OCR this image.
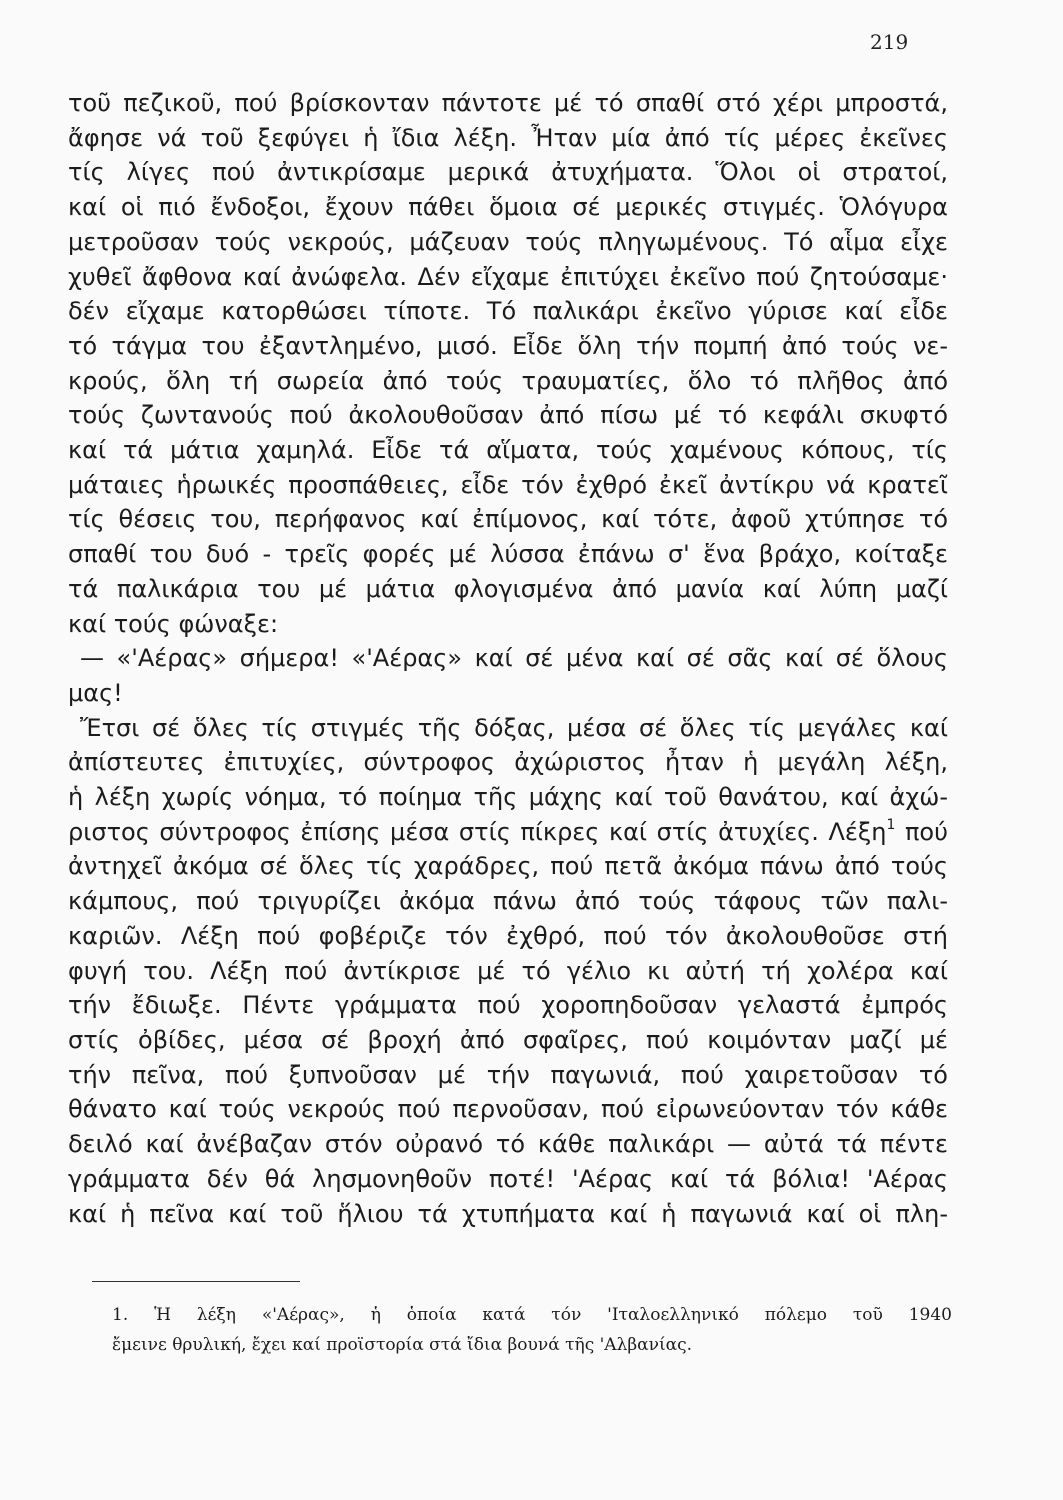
219
τοῦ πεζικοῦ, πού βρίσκονταν πάντοτε μέ τό σπαθί στό χέρι μπροστά,
ἄφησε νά τοῦ ξεφύγει ἡ ἴδια λέξη. Ἦταν μία ἀπό τίς μέρες ἐκεῖνες
τίς λίγες πού ἀντικρίσαμε μερικά ἀτυχήματα. Ὅλοι οἱ στρατοί,
καί οἱ πιό ἔνδοξοι, ἔχουν πάθει ὅμοια σέ μερικές στιγμές. Ὁλόγυρα
μετροῦσαν τούς νεκρούς, μάζευαν τούς πληγωμένους. Τό αἷμα εἶχε
χυθεῖ ἄφθονα καί ἀνώφελα. Δέν εἴχαμε ἐπιτύχει ἐκεῖνο πού ζητούσαμε·
δέν εἴχαμε κατορθώσει τίποτε. Τό παλικάρι ἐκεῖνο γύρισε καί εἶδε
τό τάγμα του ἐξαντλημένο, μισό. Εἶδε ὅλη τήν πομπή ἀπό τούς νε-
κρούς, ὅλη τή σωρεία ἀπό τούς τραυματίες, ὅλο τό πλῆθος ἀπό
τούς ζωντανούς πού ἀκολουθοῦσαν ἀπό πίσω μέ τό κεφάλι σκυφτό
καί τά μάτια χαμηλά. Εἶδε τά αἵματα, τούς χαμένους κόπους, τίς
μάταιες ἡρωικές προσπάθειες, εἶδε τόν ἐχθρό ἐκεῖ ἀντίκρυ νά κρατεῖ
τίς θέσεις του, περήφανος καί ἐπίμονος, καί τότε, ἀφοῦ χτύπησε τό
σπαθί του δυό - τρεῖς φορές μέ λύσσα ἐπάνω σ' ἕνα βράχο, κοίταξε
τά παλικάρια του μέ μάτια φλογισμένα ἀπό μανία καί λύπη μαζί
καί τούς φώναξε:
— «'Αέρας» σήμερα! «'Αέρας» καί σέ μένα καί σέ σᾶς καί σέ ὅλους
μας!
Ἔτσι σέ ὅλες τίς στιγμές τῆς δόξας, μέσα σέ ὅλες τίς μεγάλες καί
ἀπίστευτες ἐπιτυχίες, σύντροφος ἀχώριστος ἦταν ἡ μεγάλη λέξη,
ἡ λέξη χωρίς νόημα, τό ποίημα τῆς μάχης καί τοῦ θανάτου, καί ἀχώ-
ριστος σύντροφος ἐπίσης μέσα στίς πίκρες καί στίς ἀτυχίες. Λέξη$^1$ πού
ἀντηχεῖ ἀκόμα σέ ὅλες τίς χαράδρες, πού πετᾶ ἀκόμα πάνω ἀπό τούς
κάμπους, πού τριγυρίζει ἀκόμα πάνω ἀπό τούς τάφους τῶν παλι-
καριῶν. Λέξη πού φοβέριζε τόν ἐχθρό, πού τόν ἀκολουθοῦσε στή
φυγή του. Λέξη πού ἀντίκρισε μέ τό γέλιο κι αὐτή τή χολέρα καί
τήν ἔδιωξε. Πέντε γράμματα πού χοροπηδοῦσαν γελαστά ἐμπρός
στίς ὀβίδες, μέσα σέ βροχή ἀπό σφαῖρες, πού κοιμόνταν μαζί μέ
τήν πεῖνα, πού ξυπνοῦσαν μέ τήν παγωνιά, πού χαιρετοῦσαν τό
θάνατο καί τούς νεκρούς πού περνοῦσαν, πού εἰρωνεύονταν τόν κάθε
δειλό καί ἀνέβαζαν στόν οὐρανό τό κάθε παλικάρι — αὐτά τά πέντε
γράμματα δέν θά λησμονηθοῦν ποτέ! 'Αέρας καί τά βόλια! 'Αέρας
καί ἡ πεῖνα καί τοῦ ἥλιου τά χτυπήματα καί ἡ παγωνιά καί οἱ πλη-
1. Ἡ λέξη «'Αέρας», ἡ ὁποία κατά τόν 'Ιταλοελληνικό πόλεμο τοῦ 1940
ἔμεινε θρυλική, ἔχει καί προϊστορία στά ἴδια βουνά τῆς 'Αλβανίας.
